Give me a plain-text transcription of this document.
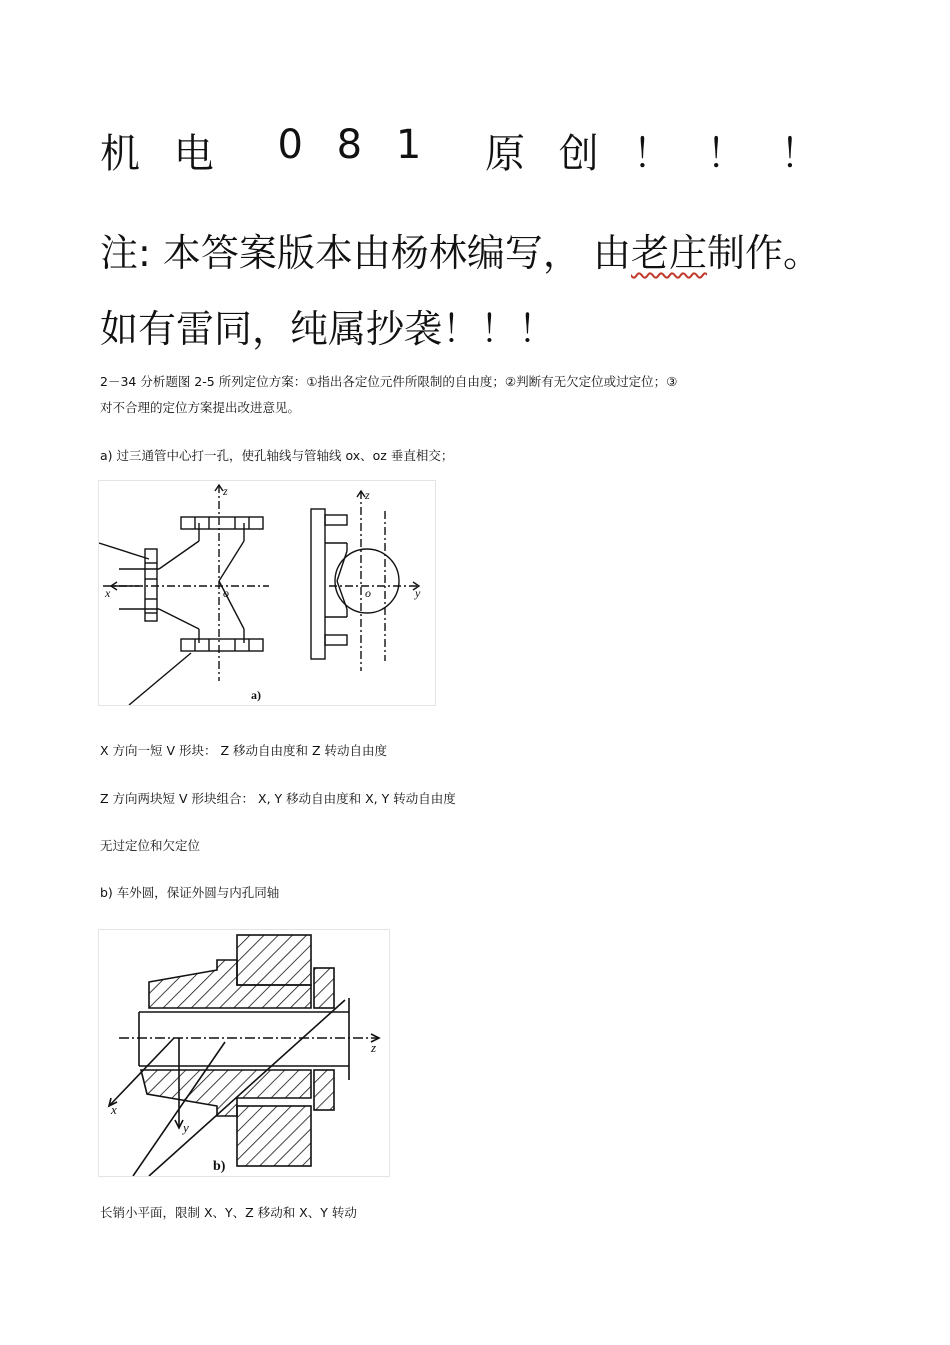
机 电 0 8 1 原 创 ！ ！ ！
注: 本答案版本由杨林编写， 由老庄制作。
如有雷同，纯属抄袭！！！
2－34 分析题图 2-5 所列定位方案：①指出各定位元件所限制的自由度；②判断有无欠定位或过定位；③
对不合理的定位方案提出改进意见。
a) 过三通管中心打一孔，使孔轴线与管轴线 ox、oz 垂直相交；
z
x	o
z
y
o
a)
X 方向一短 V 形块： Z 移动自由度和 Z 转动自由度
Z 方向两块短 V 形块组合： X, Y 移动自由度和 X, Y 转动自由度
无过定位和欠定位
b) 车外圆，保证外圆与内孔同轴
z
x
y
b)
长销小平面，限制 X、Y、Z 移动和 X、Y 转动
